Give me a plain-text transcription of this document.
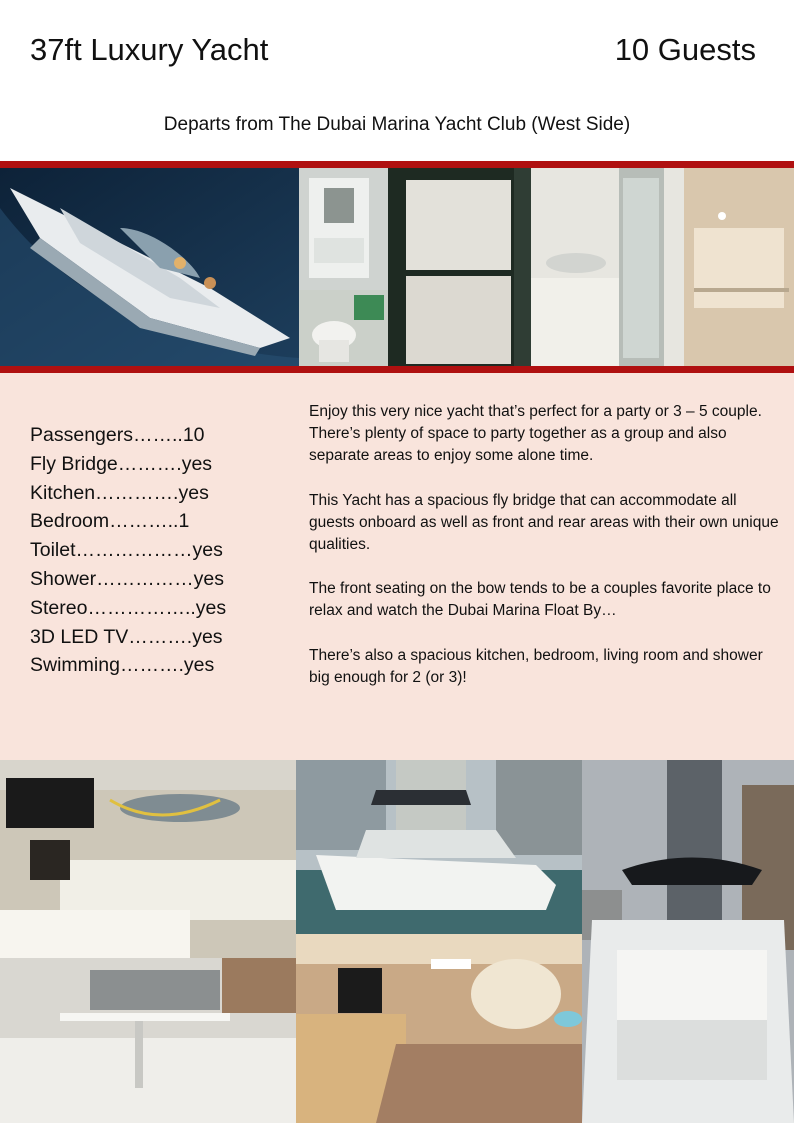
37ft Luxury Yacht	10 Guests
Departs from The Dubai Marina Yacht Club (West Side)
Passengers……..10
Fly Bridge……….yes
Kitchen………….yes
Bedroom………..1
Toilet………………yes
Shower……………yes
Stereo……………..yes
3D LED TV……….yes
Swimming……….yes

Enjoy this very nice yacht that’s perfect for a party or 3 – 5 couple. There’s plenty of space to party together as a group and also separate areas to enjoy some alone time.

This Yacht has a spacious fly bridge that can accommodate all guests onboard as well as front and rear areas with their own unique qualities.

The front seating on the bow tends to be a couples favorite place to relax and watch the Dubai Marina Float By…

There’s also a spacious kitchen, bedroom, living room and shower big enough for 2 (or 3)!
